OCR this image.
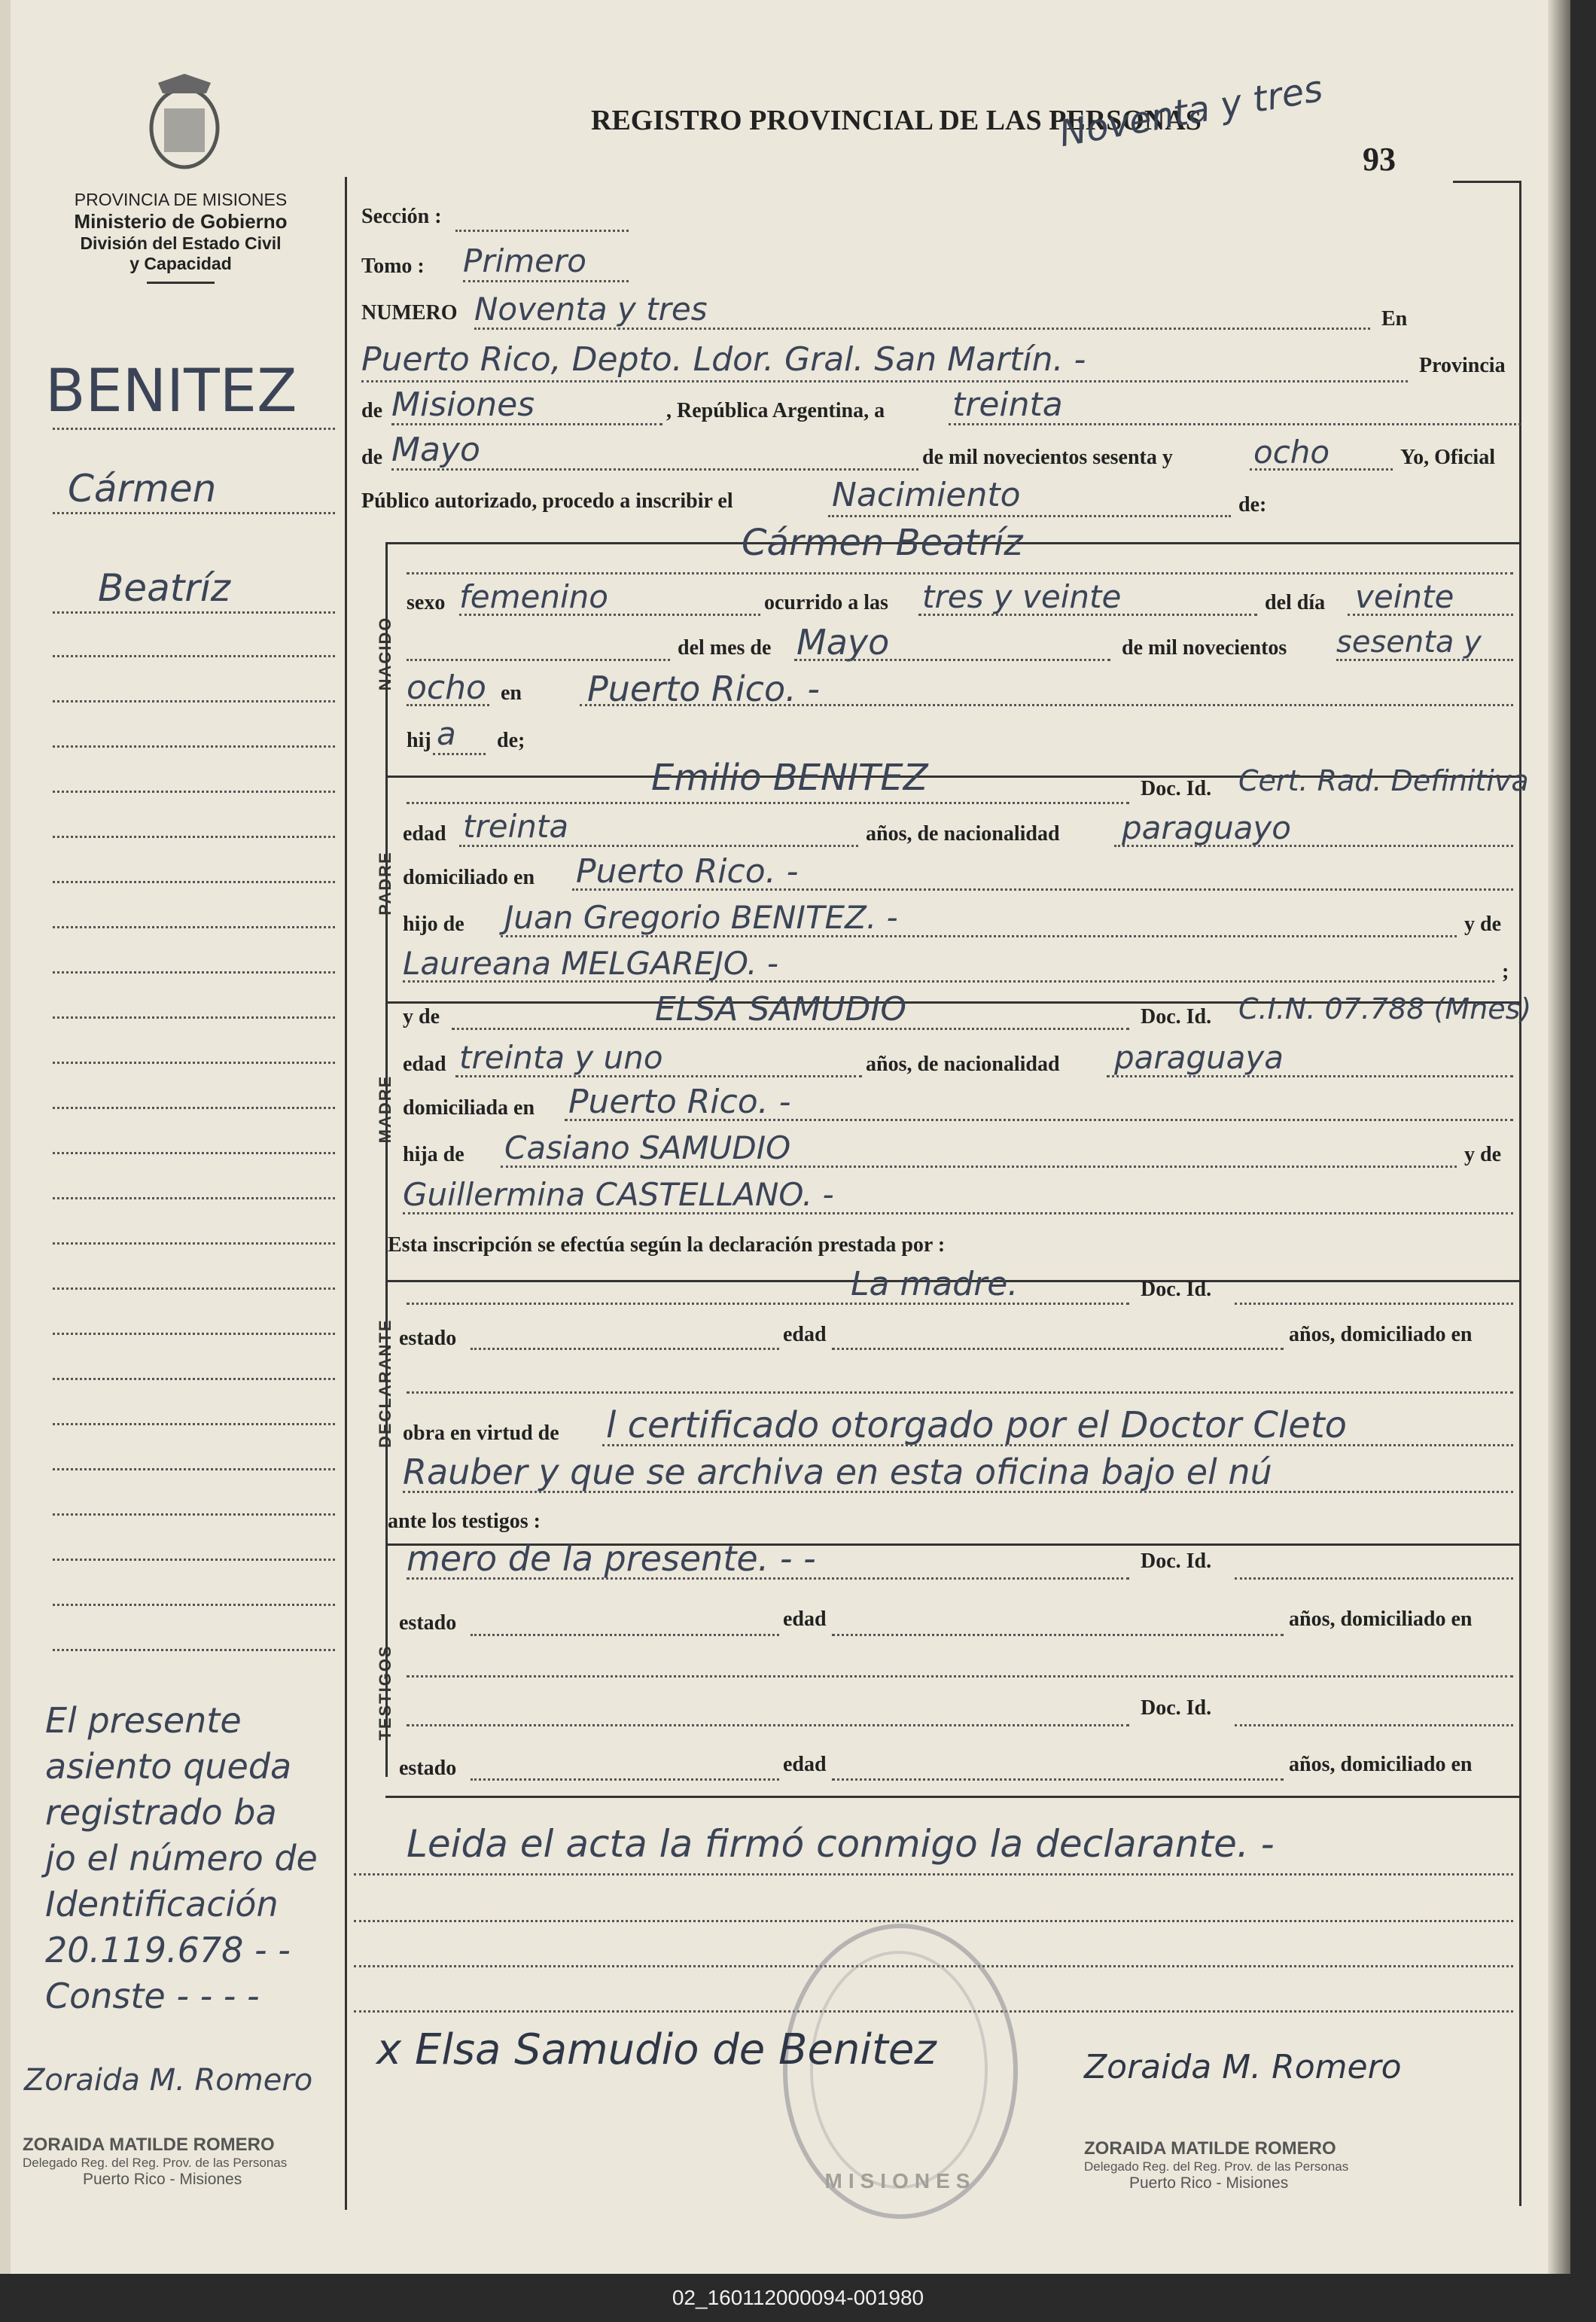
PROVINCIA DE MISIONES
Ministerio de Gobierno
División del Estado Civil
y Capacidad
REGISTRO PROVINCIAL DE LAS PERSONAS
Noventa y tres
93
NACIDO
PADRE
MADRE
DECLARANTE
TESTIGOS
BENITEZ
Cármen
Beatríz
El presente
asiento queda
registrado ba
jo el número de
Identificación
20.119.678 - -
Conste - - - -
Zoraida M. Romero
ZORAIDA MATILDE ROMERO
Delegado Reg. del Reg. Prov. de las Personas
Puerto Rico - Misiones
Sección :
Tomo : Primero
NUMERO Noventa y tres	En
Puerto Rico, Depto. Ldor. Gral. San Martín. -	Provincia
de Misiones	, República Argentina, a treinta
de Mayo	de mil novecientos sesenta y	ocho	Yo, Oficial
Público autorizado, procedo a inscribir el	Nacimiento	de:
Cármen Beatríz
sexo femenino	ocurrido a las tres y veinte	del día veinte
del mes de Mayo	de mil novecientos sesenta y
ocho en Puerto Rico. -
hij a de;
Emilio BENITEZ	Doc. Id. Cert. Rad. Definitiva
edad treinta	años, de nacionalidad paraguayo
domiciliado en Puerto Rico. -
hijo de Juan Gregorio BENITEZ. -	y de
Laureana MELGAREJO. -	;
y de	ELSA SAMUDIO	Doc. Id. C.I.N. 07.788 (Mnes)
edad treinta y uno	años, de nacionalidad paraguaya
domiciliada en Puerto Rico. -
hija de Casiano SAMUDIO	y de
Guillermina CASTELLANO. -
Esta inscripción se efectúa según la declaración prestada por :
La madre.	Doc. Id.
estado	edad	años, domiciliado en
obra en virtud de l certificado otorgado por el Doctor Cleto
Rauber y que se archiva en esta oficina bajo el nú
ante los testigos :
mero de la presente. - -	Doc. Id.
estado	edad	años, domiciliado en
Doc. Id.
estado	edad	años, domiciliado en
Leida el acta la firmó conmigo la declarante. -
MISIONES
x Elsa Samudio de Benitez	Zoraida M. Romero
ZORAIDA MATILDE ROMERO
Delegado Reg. del Reg. Prov. de las Personas
Puerto Rico - Misiones
02_160112000094-001980
